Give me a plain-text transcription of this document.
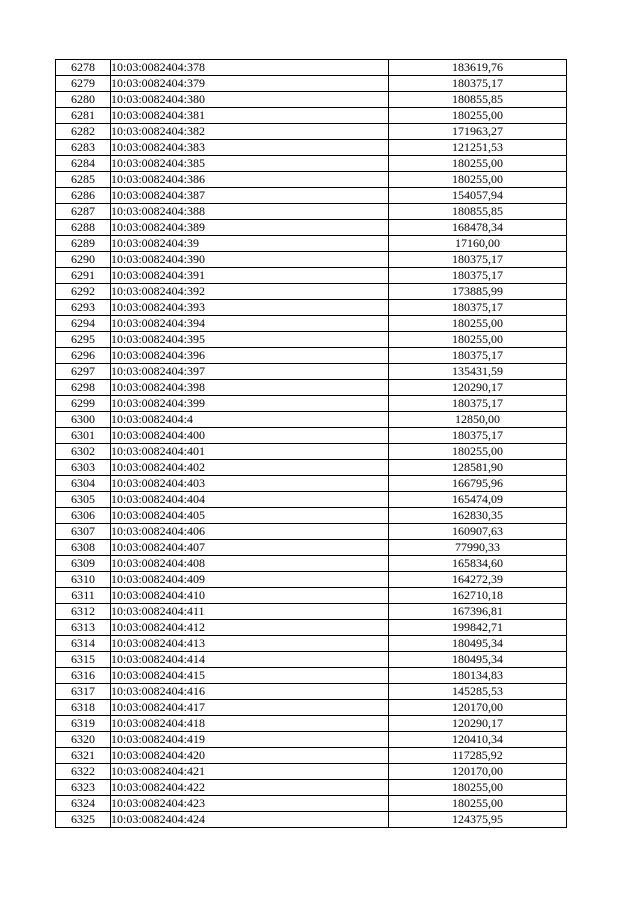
6278	10:03:0082404:378	183619,76
6279	10:03:0082404:379	180375,17
6280	10:03:0082404:380	180855,85
6281	10:03:0082404:381	180255,00
6282	10:03:0082404:382	171963,27
6283	10:03:0082404:383	121251,53
6284	10:03:0082404:385	180255,00
6285	10:03:0082404:386	180255,00
6286	10:03:0082404:387	154057,94
6287	10:03:0082404:388	180855,85
6288	10:03:0082404:389	168478,34
6289	10:03:0082404:39	17160,00
6290	10:03:0082404:390	180375,17
6291	10:03:0082404:391	180375,17
6292	10:03:0082404:392	173885,99
6293	10:03:0082404:393	180375,17
6294	10:03:0082404:394	180255,00
6295	10:03:0082404:395	180255,00
6296	10:03:0082404:396	180375,17
6297	10:03:0082404:397	135431,59
6298	10:03:0082404:398	120290,17
6299	10:03:0082404:399	180375,17
6300	10:03:0082404:4	12850,00
6301	10:03:0082404:400	180375,17
6302	10:03:0082404:401	180255,00
6303	10:03:0082404:402	128581,90
6304	10:03:0082404:403	166795,96
6305	10:03:0082404:404	165474,09
6306	10:03:0082404:405	162830,35
6307	10:03:0082404:406	160907,63
6308	10:03:0082404:407	77990,33
6309	10:03:0082404:408	165834,60
6310	10:03:0082404:409	164272,39
6311	10:03:0082404:410	162710,18
6312	10:03:0082404:411	167396,81
6313	10:03:0082404:412	199842,71
6314	10:03:0082404:413	180495,34
6315	10:03:0082404:414	180495,34
6316	10:03:0082404:415	180134,83
6317	10:03:0082404:416	145285,53
6318	10:03:0082404:417	120170,00
6319	10:03:0082404:418	120290,17
6320	10:03:0082404:419	120410,34
6321	10:03:0082404:420	117285,92
6322	10:03:0082404:421	120170,00
6323	10:03:0082404:422	180255,00
6324	10:03:0082404:423	180255,00
6325	10:03:0082404:424	124375,95
